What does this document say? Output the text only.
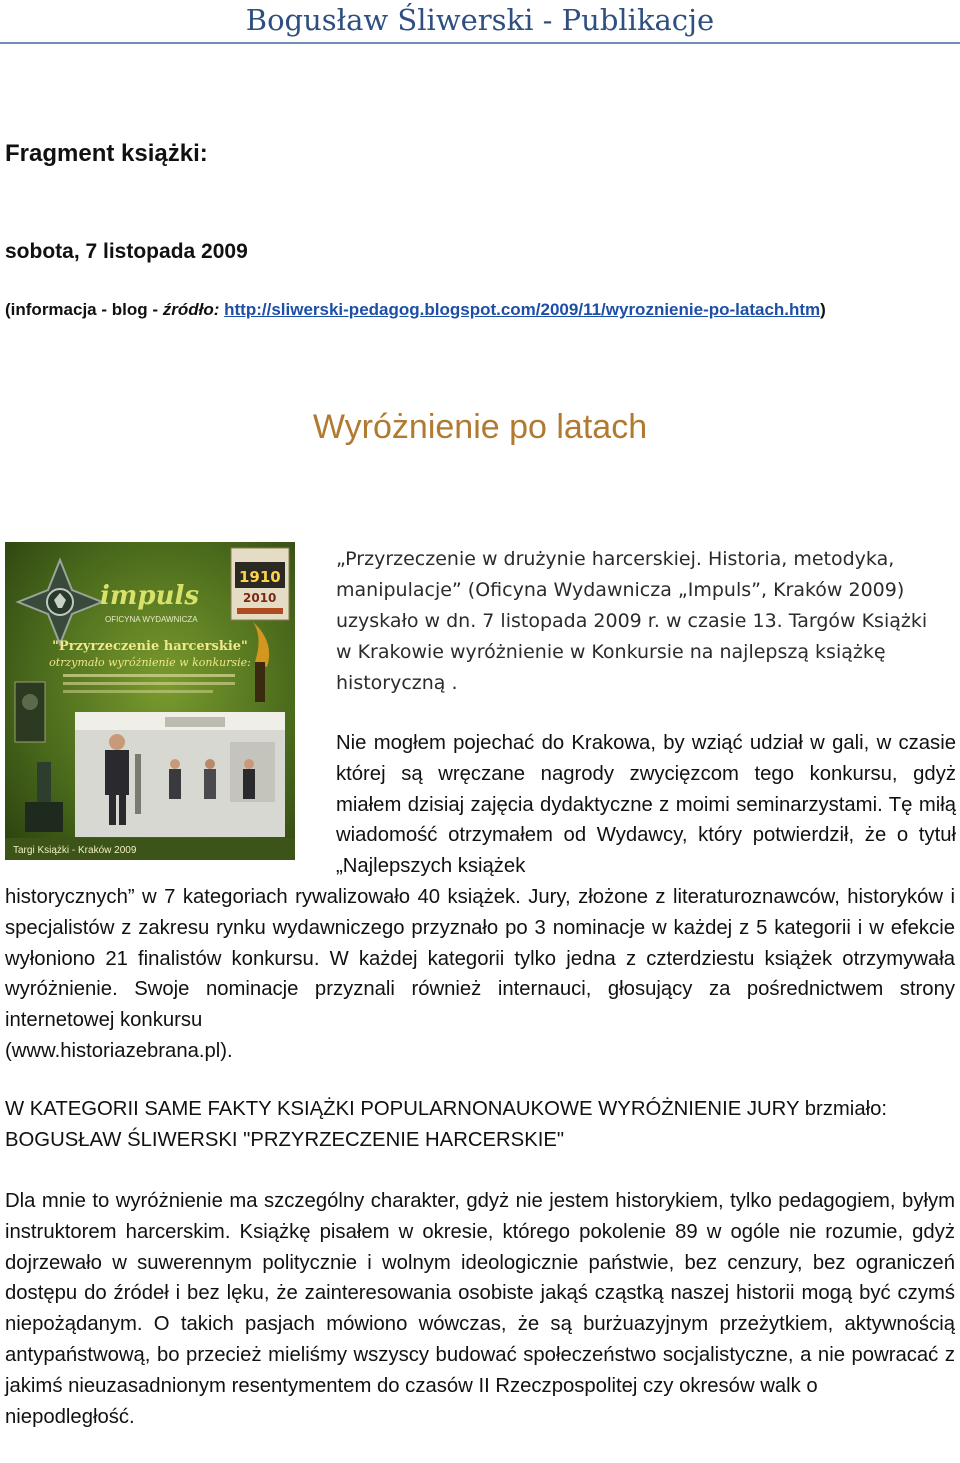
Bogusław Śliwerski - Publikacje
Fragment książki:

sobota, 7 listopada 2009

(informacja - blog - źródło: http://sliwerski-pedagog.blogspot.com/2009/11/wyroznienie-po-latach.htm)

Wyróżnienie po latach
impuls
OFICYNA WYDAWNICZA
1910
2010
"Przyrzeczenie harcerskie"
otrzymało wyróżnienie w konkursie:
Targi Książki - Kraków 2009

„Przyrzeczenie w drużynie harcerskiej. Historia, metodyka, manipulacje” (Oficyna Wydawnicza „Impuls”, Kraków 2009) uzyskało w dn. 7 listopada 2009 r. w czasie 13. Targów Książki w Krakowie wyróżnienie w Konkursie na najlepszą książkę historyczną .

Nie mogłem pojechać do Krakowa, by wziąć udział w gali, w czasie której są wręczane nagrody zwycięzcom tego konkursu, gdyż miałem dzisiaj zajęcia dydaktyczne z moimi seminarzystami. Tę miłą wiadomość otrzymałem od Wydawcy, który potwierdził, że o tytuł „Najlepszych książek

historycznych” w 7 kategoriach rywalizowało 40 książek. Jury, złożone z literaturoznawców, historyków i specjalistów z zakresu rynku wydawniczego przyznało po 3 nominacje w każdej z 5 kategorii i w efekcie wyłoniono 21 finalistów konkursu. W każdej kategorii tylko jedna z czterdziestu książek otrzymywała wyróżnienie. Swoje nominacje przyznali również internauci, głosujący za pośrednictwem strony internetowej konkursu

(www.historiazebrana.pl).

W KATEGORII SAME FAKTY KSIĄŻKI POPULARNONAUKOWE WYRÓŻNIENIE JURY brzmiało: BOGUSŁAW ŚLIWERSKI "PRZYRZECZENIE HARCERSKIE"

Dla mnie to wyróżnienie ma szczególny charakter, gdyż nie jestem historykiem, tylko pedagogiem, byłym instruktorem harcerskim. Książkę pisałem w okresie, którego pokolenie 89 w ogóle nie rozumie, gdyż dojrzewało w suwerennym politycznie i wolnym ideologicznie państwie, bez cenzury, bez ograniczeń dostępu do źródeł i bez lęku, że zainteresowania osobiste jakąś cząstką naszej historii mogą być czymś niepożądanym. O takich pasjach mówiono wówczas, że są burżuazyjnym przeżytkiem, aktywnością antypaństwową, bo przecież mieliśmy wszyscy budować społeczeństwo socjalistyczne, a nie powracać z jakimś nieuzasadnionym resentymentem do czasów II Rzeczpospolitej czy okresów walk o

niepodległość.
